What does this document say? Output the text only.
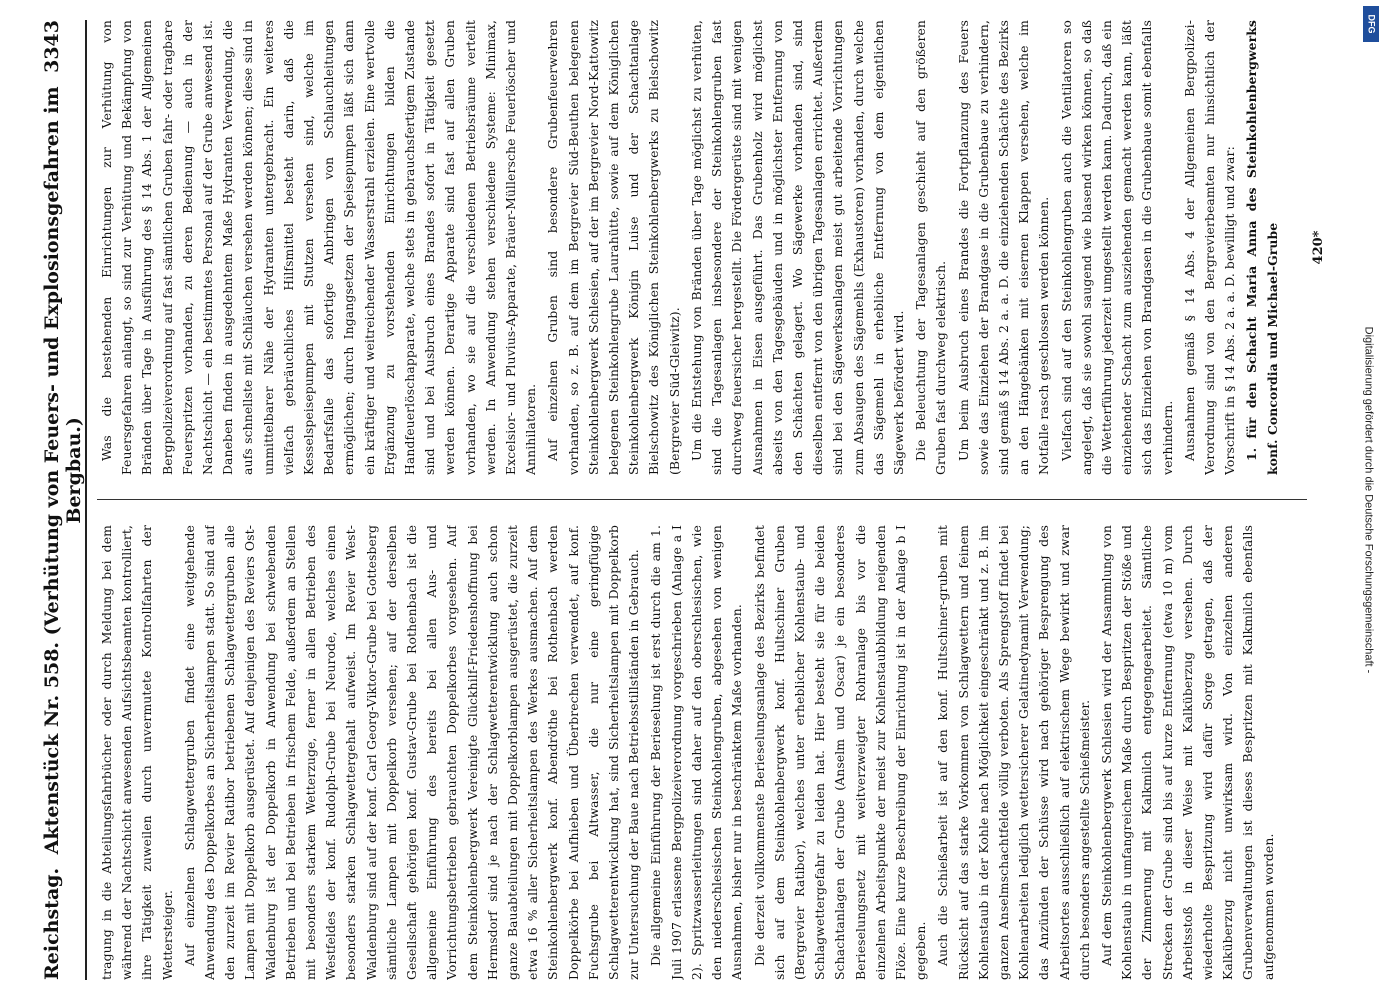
Reichstag.
Aktenstück Nr. 558. (Verhütung von Feuers- und Explosionsgefahren im Bergbau.)
3343

tragung in die Abteilungsfahrbücher oder durch Meldung bei dem während der Nachtschicht anwesenden Aufsichtsbeamten kontrolliert, ihre Tätigkeit zuweilen durch unvermutete Kontrollfahrten der Wettersteiger. Auf einzelnen Schlagwettergruben findet eine weitgehende Anwendung des Doppelkorbes an Sicherheitslampen statt. So sind auf den zurzeit im Revier Ratibor betriebenen Schlagwettergruben alle Lampen mit Doppelkorb ausgerüstet. Auf denjenigen des Reviers Ost-Waldenburg ist der Doppelkorb in Anwendung bei schwebenden Betrieben und bei Betrieben in frischem Felde, außerdem an Stellen mit besonders starkem Wetterzuge, ferner in allen Betrieben des Westfeldes der konf. Rudolph-Grube bei Neurode, welches einen besonders starken Schlagwettergehalt aufweist. Im Revier West-Waldenburg sind auf der konf. Carl Georg-Viktor-Grube bei Gottesberg sämtliche Lampen mit Doppelkorb versehen; auf der derselben Gesellschaft gehörigen konf. Gustav-Grube bei Rothenbach ist die allgemeine Einführung des bereits bei allen Aus- und Vorrichtungsbetrieben gebrauchten Doppelkorbes vorgesehen. Auf dem Steinkohlenbergwerk Vereinigte Glückhilf-Friedenshoffnung bei Hermsdorf sind je nach der Schlagwetterentwicklung auch schon ganze Bauabteilungen mit Doppelkorblampen ausgerüstet, die zurzeit etwa 16 % aller Sicherheitslampen des Werkes ausmachen. Auf dem Steinkohlenbergwerk konf. Abendröthe bei Rothenbach werden Doppelkörbe bei Aufhieben und Überbrechen verwendet, auf konf. Fuchsgrube bei Altwasser, die nur eine geringfügige Schlagwetterentwicklung hat, sind Sicherheitslampen mit Doppelkorb zur Untersuchung der Baue nach Betriebsstillständen in Gebrauch. Die allgemeine Einführung der Berieselung ist erst durch die am 1. Juli 1907 erlassene Bergpolizeiverordnung vorgeschrieben (Anlage a I 2). Spritzwasserleitungen sind daher auf den oberschlesischen, wie den niederschlesischen Steinkohlengruben, abgesehen von wenigen Ausnahmen, bisher nur in beschränktem Maße vorhanden. Die derzeit vollkommenste Berieselungsanlage des Bezirks befindet sich auf dem Steinkohlenbergwerk konf. Hultschiner Gruben (Bergrevier Ratibor), welches unter erheblicher Kohlenstaub- und Schlagwettergefahr zu leiden hat. Hier besteht sie für die beiden Schachtanlagen der Grube (Anselm und Oscar) je ein besonderes Berieselungsnetz mit weitverzweigter Rohranlage bis vor die einzelnen Arbeitspunkte der meist zur Kohlenstaubbildung neigenden Flöze. Eine kurze Beschreibung der Einrichtung ist in der Anlage b I gegeben. Auch die Schießarbeit ist auf den konf. Hultschiner-gruben mit Rücksicht auf das starke Vorkommen von Schlagwettern und feinem Kohlenstaub in der Kohle nach Möglichkeit eingeschränkt und z. B. im ganzen Anselmschachtfelde völlig verboten. Als Sprengstoff findet bei Kohlenarbeiten lediglich wettersicherer Gelatinedynamit Verwendung; das Anzünden der Schüsse wird nach gehöriger Besprengung des Arbeitsortes ausschließlich auf elektrischem Wege bewirkt und zwar durch besonders angestellte Schießmeister. Auf dem Steinkohlenbergwerk Schlesien wird der Ansammlung von Kohlenstaub in umfangreichem Maße durch Bespritzen der Stöße und der Zimmerung mit Kalkmilch entgegengearbeitet. Sämtliche Strecken der Grube sind bis auf kurze Entfernung (etwa 10 m) vom Arbeitsstoß in dieser Weise mit Kalküberzug versehen. Durch wiederholte Bespritzung wird dafür Sorge getragen, daß der Kalküberzug nicht unwirksam wird. Von einzelnen anderen Grubenverwaltungen ist dieses Bespritzen mit Kalkmilch ebenfalls aufgenommen worden.

Was die bestehenden Einrichtungen zur Verhütung von Feuersgefahren anlangt, so sind zur Verhütung und Bekämpfung von Bränden über Tage in Ausführung des § 14 Abs. 1 der Allgemeinen Bergpolizeiverordnung auf fast sämtlichen Gruben fahr- oder tragbare Feuerspritzen vorhanden, zu deren Bedienung — auch in der Nachtschicht — ein bestimmtes Personal auf der Grube anwesend ist. Daneben finden in ausgedehntem Maße Hydranten Verwendung, die aufs schnellste mit Schläuchen versehen werden können; diese sind in unmittelbarer Nähe der Hydranten untergebracht. Ein weiteres vielfach gebräuchliches Hilfsmittel besteht darin, daß die Kesselspeisepumpen mit Stutzen versehen sind, welche im Bedarfsfalle das sofortige Anbringen von Schlauchleitungen ermöglichen; durch Ingangsetzen der Speisepumpen läßt sich dann ein kräftiger und weitreichender Wasserstrahl erzielen. Eine wertvolle Ergänzung zu vorstehenden Einrichtungen bilden die Handfeuerlöschapparate, welche stets in gebrauchsfertigem Zustande sind und bei Ausbruch eines Brandes sofort in Tätigkeit gesetzt werden können. Derartige Apparate sind fast auf allen Gruben vorhanden, wo sie auf die verschiedenen Betriebsräume verteilt werden. In Anwendung stehen verschiedene Systeme: Minimax, Excelsior- und Pluvius-Apparate, Bräuer-Müllersche Feuerlöscher und Annihilatoren. Auf einzelnen Gruben sind besondere Grubenfeuerwehren vorhanden, so z. B. auf dem im Bergrevier Süd-Beuthen belegenen Steinkohlenbergwerk Schlesien, auf der im Bergrevier Nord-Kattowitz belegenen Steinkohlengrube Laurahütte, sowie auf dem Königlichen Steinkohlenbergwerk Königin Luise und der Schachtanlage Bielschowitz des Königlichen Steinkohlenbergwerks zu Bielschowitz (Bergrevier Süd-Gleiwitz). Um die Entstehung von Bränden über Tage möglichst zu verhüten, sind die Tagesanlagen insbesondere der Steinkohlengruben fast durchweg feuersicher hergestellt. Die Fördergerüste sind mit wenigen Ausnahmen in Eisen ausgeführt. Das Grubenholz wird möglichst abseits von den Tagesgebäuden und in möglichster Entfernung von den Schächten gelagert. Wo Sägewerke vorhanden sind, sind dieselben entfernt von den übrigen Tagesanlagen errichtet. Außerdem sind bei den Sägewerksanlagen meist gut arbeitende Vorrichtungen zum Absaugen des Sägemehls (Exhaustoren) vorhanden, durch welche das Sägemehl in erhebliche Entfernung von dem eigentlichen Sägewerk befördert wird. Die Beleuchtung der Tagesanlagen geschieht auf den größeren Gruben fast durchweg elektrisch. Um beim Ausbruch eines Brandes die Fortpflanzung des Feuers sowie das Einziehen der Brandgase in die Grubenbaue zu verhindern, sind gemäß § 14 Abs. 2 a. a. D. die einziehenden Schächte des Bezirks an den Hängebänken mit eisernen Klappen versehen, welche im Notfalle rasch geschlossen werden können. Vielfach sind auf den Steinkohlengruben auch die Ventilatoren so angelegt, daß sie sowohl saugend wie blasend wirken können, so daß die Wetterführung jederzeit umgestellt werden kann. Dadurch, daß ein einziehender Schacht zum ausziehenden gemacht werden kann, läßt sich das Einziehen von Brandgasen in die Grubenbaue somit ebenfalls verhindern. Ausnahmen gemäß § 14 Abs. 4 der Allgemeinen Bergpolizei-Verordnung sind von den Bergrevierbeamten nur hinsichtlich der Vorschrift in § 14 Abs. 2 a. a. D. bewilligt und zwar: 1. für den Schacht Maria Anna des Steinkohlenbergwerks konf. Concordia und Michael-Grube 420*
DFG
Digitalisierung gefördert durch die Deutsche Forschungsgemeinschaft -
